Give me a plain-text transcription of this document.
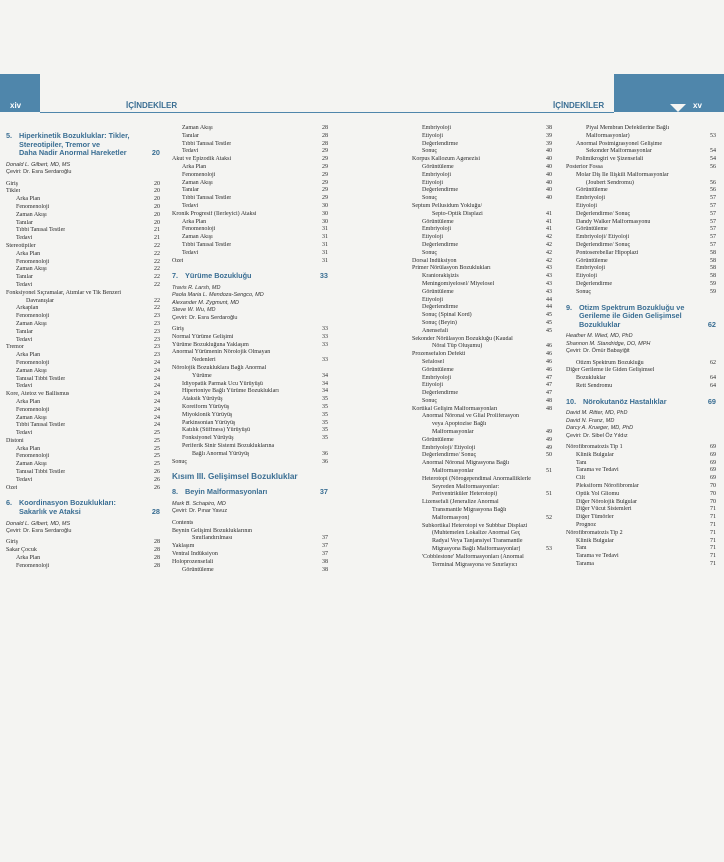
xiv	İÇİNDEKİLER	İÇİNDEKİLER	xv
5. Hiperkinetik Bozukluklar: Tikler,
Stereotipiler, Tremor ve
Daha Nadir Anormal Hareketler	20
Donald L. Gilbert, MD, MS
Çeviri: Dr. Esra Serdaroğlu
Giriş	20
Tikler	20
Arka Plan	20
Fenomenoloji	20
Zaman Akışı	20
Tanılar	20
Tıbbi Tanısal Testler	21
Tedavi	21
Stereotipiler	22
Arka Plan	22
Fenomenoloji	22
Zaman Akışı	22
Tanılar	22
Tedavi	22
Fonksiyonel Sıçramalar, Atımlar ve Tik Benzeri
Davranışlar	22
Arkaplan	22
Fenomenoloji	23
Zaman Akışı	23
Tanılar	23
Tedavi	23
Tremor	23
Arka Plan	23
Fenomenoloji	24
Zaman Akışı	24
Tanısal Tıbbi Testler	24
Tedavi	24
Kore, Atetoz ve Ballismus	24
Arka Plan	24
Fenomenoloji	24
Zaman Akışı	24
Tıbbi Tanısal Testler	24
Tedavi	25
Distoni	25
Arka Plan	25
Fenomenoloji	25
Zaman Akışı	25
Tanısal Tıbbi Testler	26
Tedavi	26
Özet	26
6. Koordinasyon Bozuklukları:
Sakarlık ve Ataksi	28
Donald L. Gilbert, MD, MS
Çeviri: Dr. Esra Serdaroğlu
Giriş	28
Sakar Çocuk	28
Arka Plan	28
Fenomenoloji	28
Zaman Akışı	28
Tanılar	28
Tıbbi Tanısal Testler	28
Tedavi	29
Akut ve Epizodik Ataksi	29
Arka Plan	29
Fenomenoloji	29
Zaman Akışı	29
Tanılar	29
Tıbbi Tanısal Testler	29
Tedavi	30
Kronik Progresif (İlerleyici) Ataksi	30
Arka Plan	30
Fenomenoloji	31
Zaman Akışı	31
Tıbbi Tanısal Testler	31
Tedavi	31
Özet	31
7. Yürüme Bozukluğu	33
Travis R. Larsh, MD
Paola Maria L. Mendoza-Sengco, MD
Alexander M. Zygmunt, MD
Steve W. Wu, MD
Çeviri: Dr. Esra Serdaroğlu
Giriş	33
Normal Yürüme Gelişimi	33
Yürüme Bozukluğuna Yaklaşım	33
Anormal Yürümenin Nörolojik Olmayan
Nedenleri	33
Nörolojik Bozukluklara Bağlı Anormal
Yürüme	34
İdiyopatik Parmak Ucu Yürüyüşü	34
Hipertoniye Bağlı Yürüme Bozuklukları	34
Ataksik Yürüyüş	35
Koreiform Yürüyüş	35
Miyoklonik Yürüyüş	35
Parkinsonian Yürüyüş	35
Katılık (Stiffness) Yürüyüşü	35
Fonksiyonel Yürüyüş	35
Periferik Sinir Sistemi Bozukluklarına
Bağlı Anormal Yürüyüş	36
Sonuç	36
Kısım III. Gelişimsel Bozukluklar
8. Beyin Malformasyonları	37
Mark B. Schapiro, MD
Çeviri: Dr. Pınar Yavuz
Contents
Beynin Gelişimi Bozukluklarının
Sınıflandırılması	37
Yaklaşım	37
Ventral İndüksiyon	37
Holoprozensefali	38
Görüntüleme	38
Embriyoloji	38
Etiyoloji	39
Değerlendirme	39
Sonuç	40
Korpus Kallozum Agenezisi	40
Görüntüleme	40
Embriyoloji	40
Etiyoloji	40
Değerlendirme	40
Sonuç	40
Septum Pellusidum Yokluğu/
Septo-Optik Displazi	41
Görüntüleme	41
Embriyoloji	41
Etiyoloji	42
Değerlendirme	42
Sonuç	42
Dorsal İndüksiyon	42
Primer Nörülasyon Bozuklukları	43
Kraniorakişizis	43
Meningomiyelosel/ Miyelosel	43
Görüntüleme	43
Etiyoloji	44
Değerlendirme	44
Sonuç (Spinal Kord)	45
Sonuç (Beyin)	45
Anensefali	45
Sekonder Nörülasyon Bozukluğu (Kaudal
Nöral Tüp Oluşumu)	46
Prozensefalon Defekti	46
Sefalosel	46
Görüntüleme	46
Embriyoloji	47
Etiyoloji	47
Değerlendirme	47
Sonuç	48
Kortikal Gelişim Malformasyonları	48
Anormal Nöronal ve Glial Proliferasyon
veya Apoptozise Bağlı
Malformasyonlar	49
Görüntüleme	49
Embriyoloji/ Etiyoloji	49
Değerlendirme/ Sonuç	50
Anormal Nöronal Migrasyona Bağlı
Malformasyonlar	51
Heterotopi (Nörogependimal Anormalliklerle
Seyreden Malformasyonlar:
Periventriküler Heterotopi)	51
Lizensefali (Jeneralize Anormal
Transmantle Migrasyona Bağlı
Malformasyon)	52
Subkortikal Heterotopi ve Subbbar Displazi
(Muhtemelen Lokalize Anormal Geç
Radyal Veya Tanjansiyel Transmantle
Migrasyona Bağlı Malformasyonlar)	53
'Cobblestone' Malformasyonları (Anormal
Terminal Migrasyona ve Sınırlayıcı
Piyal Membran Defektlerine Bağlı
Malformasyonlar)	53
Anormal Postmigrasyonel Gelişime
Sekonder Malformasyonlar	54
Polimikrogiri ve Şizensefali	54
Posterior Fossa	56
Molar Diş İle İlişkili Malformasyonlar
(Joubert Sendromu)	56
Görüntüleme	56
Embriyoloji	57
Etiyoloji	57
Değerlendirme/ Sonuç	57
Dandy Walker Malformasyonu	57
Görüntüleme	57
Embriyoloji/ Etiyoloji	57
Değerlendirme/ Sonuç	57
Pontoserebellar Hipoplazi	58
Görüntüleme	58
Embriyoloji	58
Etiyoloji	58
Değerlendirme	59
Sonuç	59
9. Otizm Spektrum Bozukluğu ve
Gerileme ile Giden Gelişimsel
Bozukluklar	62
Heather M. Wied, MD, PhD
Shannon M. Standridge, DO, MPH
Çeviri: Dr. Ömür Babayiğit
Otizm Spektrum Bozukluğu	62
Diğer Gerileme ile Giden Gelişimsel
Bozukluklar	64
Rett Sendromu	64
10. Nörokutanöz Hastalıklar	69
David M. Ritter, MD, PhD
David N. Franz, MD
Darcy A. Krueger, MD, PhD
Çeviri: Dr. Sibel Öz Yıldız
Nörofibromatozis Tip 1	69
Klinik Bulgular	69
Tanı	69
Tarama ve Tedavi	69
Cilt	69
Pleksiform Nörofibromlar	70
Optik Yol Gliomu	70
Diğer Nörolojik Bulgular	70
Diğer Vücut Sistemleri	71
Diğer Tümörler	71
Prognoz	71
Nörofibromatozis Tip 2	71
Klinik Bulgular	71
Tanı	71
Tarama ve Tedavi	71
Tarama	71
